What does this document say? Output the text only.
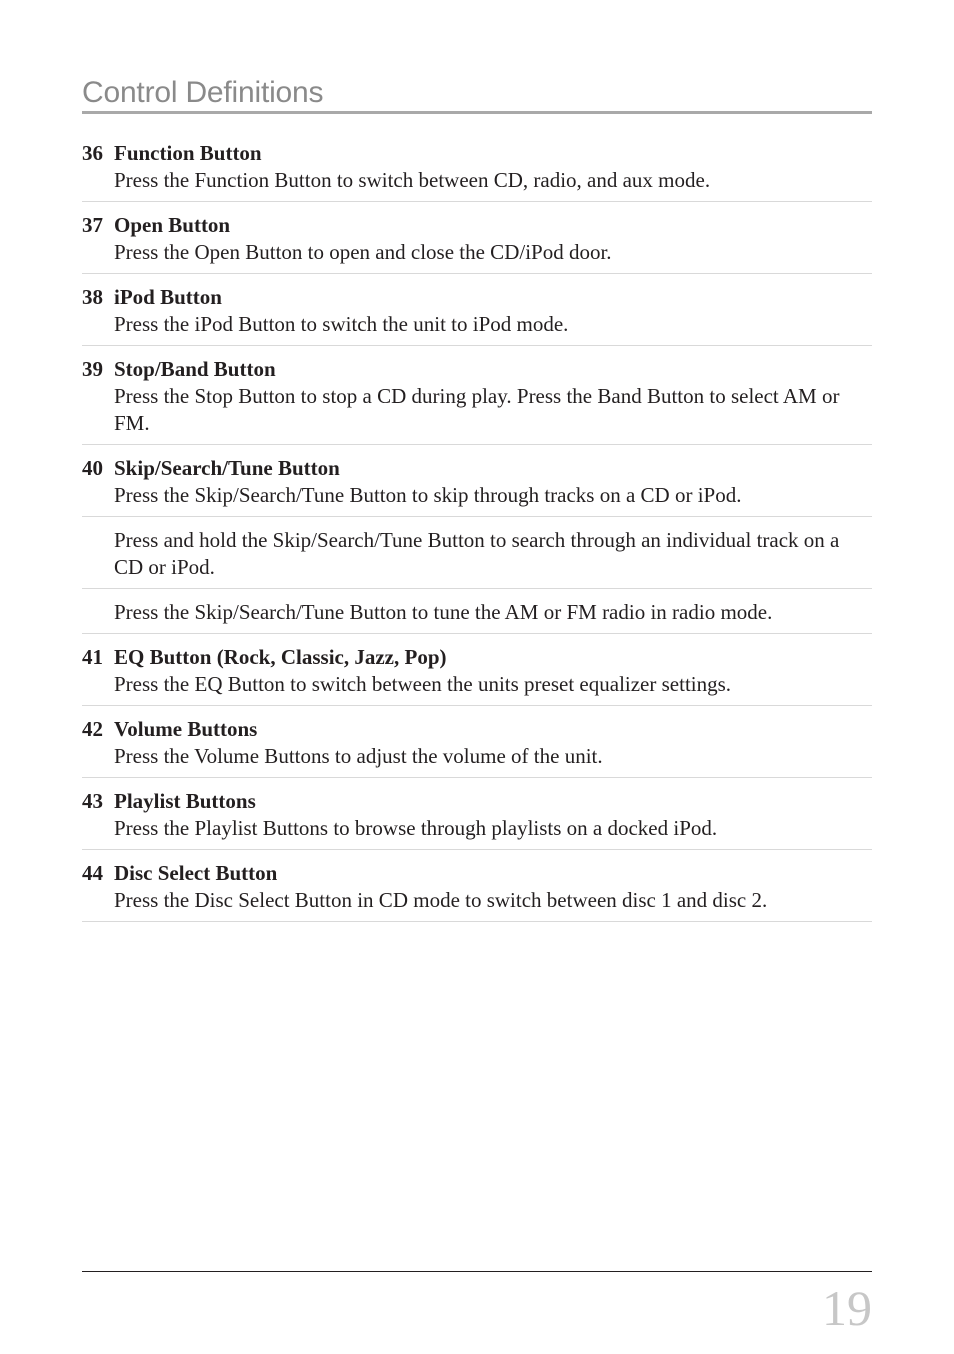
Control Definitions
36 Function Button
Press the Function Button to switch between CD, radio, and aux mode.
37 Open Button
Press the Open Button to open and close the CD/iPod door.
38 iPod Button
Press the iPod Button to switch the unit to iPod mode.
39 Stop/Band Button
Press the Stop Button to stop a CD during play. Press the Band Button to select AM or FM.
40 Skip/Search/Tune Button
Press the Skip/Search/Tune Button to skip through tracks on a CD or iPod.
Press and hold the Skip/Search/Tune Button to search through an individual track on a CD or iPod.
Press the Skip/Search/Tune Button to tune the AM or FM radio in radio mode.
41 EQ Button (Rock, Classic, Jazz, Pop)
Press the EQ Button to switch between the units preset equalizer settings.
42 Volume Buttons
Press the Volume Buttons to adjust the volume of the unit.
43 Playlist Buttons
Press the Playlist Buttons to browse through playlists on a docked iPod.
44 Disc Select Button
Press the Disc Select Button in CD mode to switch between disc 1 and disc 2.
19
